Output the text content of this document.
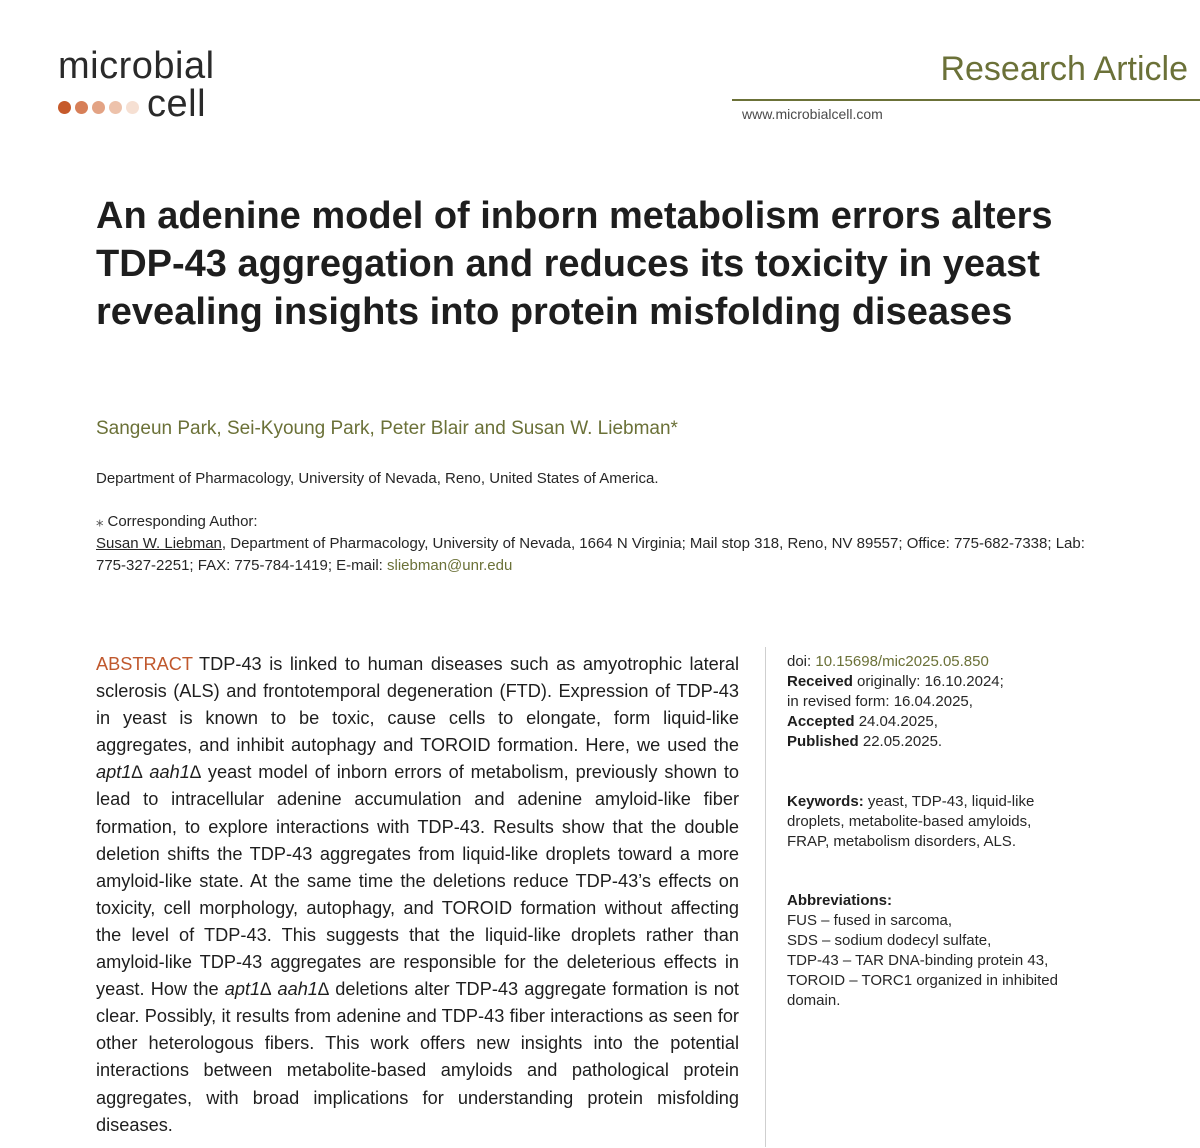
microbial
cell
Research Article
www.microbialcell.com
An adenine model of inborn metabolism errors alters TDP-43 aggregation and reduces its toxicity in yeast revealing insights into protein misfolding diseases
Sangeun Park, Sei-Kyoung Park, Peter Blair and Susan W. Liebman*
Department of Pharmacology, University of Nevada, Reno, United States of America.
⁎ Corresponding Author:
Susan W. Liebman, Department of Pharmacology, University of Nevada, 1664 N Virginia; Mail stop 318, Reno, NV 89557; Office: 775-682-7338; Lab: 775-327-2251; FAX: 775-784-1419; E-mail: sliebman@unr.edu

ABSTRACT TDP-43 is linked to human diseases such as amyotrophic lateral sclerosis (ALS) and frontotemporal degeneration (FTD). Expression of TDP-43 in yeast is known to be toxic, cause cells to elongate, form liquid-like aggregates, and inhibit autophagy and TOROID formation. Here, we used the apt1∆ aah1∆ yeast model of inborn errors of metabolism, previously shown to lead to intracellular adenine accumulation and adenine amyloid-like fiber formation, to explore interactions with TDP-43. Results show that the double deletion shifts the TDP-43 aggregates from liquid-like droplets toward a more amyloid-like state. At the same time the deletions reduce TDP-43’s effects on toxicity, cell morphology, autophagy, and TOROID formation without affecting the level of TDP-43. This suggests that the liquid-like droplets rather than amyloid-like TDP-43 aggregates are responsible for the deleterious effects in yeast. How the apt1∆ aah1∆ deletions alter TDP-43 aggregate formation is not clear. Possibly, it results from adenine and TDP-43 fiber interactions as seen for other heterologous fibers. This work offers new insights into the potential interactions between metabolite-based amyloids and pathological protein aggregates, with broad implications for understanding protein misfolding diseases.

doi: 10.15698/mic2025.05.850
Received originally: 16.10.2024;
in revised form: 16.04.2025,
Accepted 24.04.2025,
Published 22.05.2025.
Keywords: yeast, TDP-43, liquid-like droplets, metabolite-based amyloids, FRAP, metabolism disorders, ALS.
Abbreviations:
FUS – fused in sarcoma,
SDS – sodium dodecyl sulfate,
TDP-43 – TAR DNA-binding protein 43,
TOROID – TORC1 organized in inhibited domain.
